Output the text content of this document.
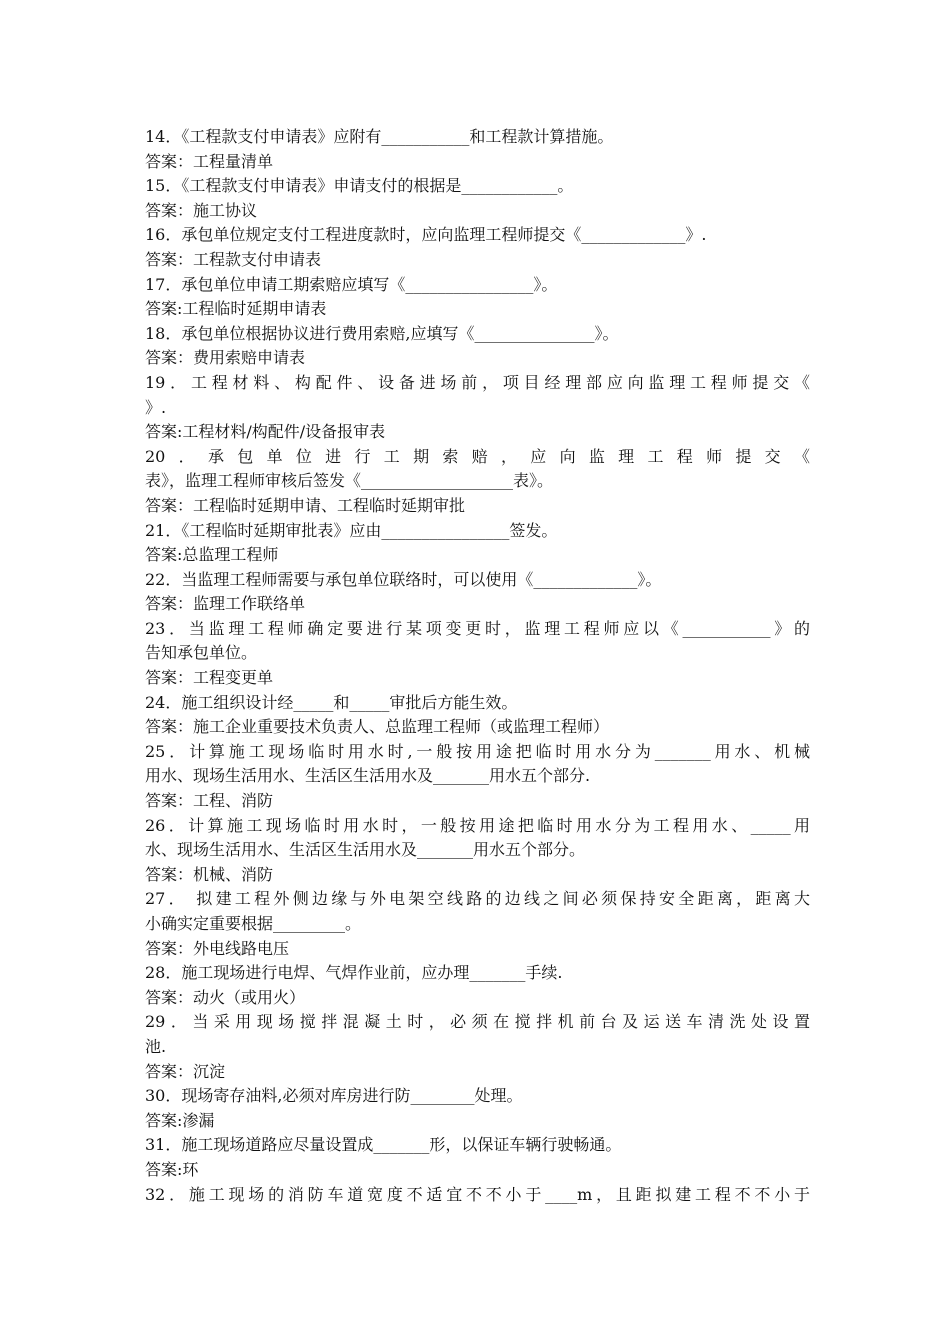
14．《工程款支付申请表》应附有___________和工程款计算措施。
答案：工程量清单
15．《工程款支付申请表》申请支付的根据是____________。
答案：施工协议
16．承包单位规定支付工程进度款时，应向监理工程师提交《_____________》.
答案：工程款支付申请表
17．承包单位申请工期索赔应填写《________________》。
答案:工程临时延期申请表
18．承包单位根据协议进行费用索赔,应填写《_______________》。
答案：费用索赔申请表
19．工程材料、构配件、设备进场前，项目经理部应向监理工程师提交《
》.
答案:工程材料/构配件/设备报审表
20．承包单位进行工期索赔，应向监理工程师提交《
表》，监理工程师审核后签发《___________________表》。
答案：工程临时延期申请、工程临时延期审批
21．《工程临时延期审批表》应由________________签发。
答案:总监理工程师
22．当监理工程师需要与承包单位联络时，可以使用《_____________》。
答案：监理工作联络单
23．当监理工程师确定要进行某项变更时，监理工程师应以《___________》的
告知承包单位。
答案：工程变更单
24．施工组织设计经_____和_____审批后方能生效。
答案：施工企业重要技术负责人、总监理工程师（或监理工程师）
25．计算施工现场临时用水时,一般按用途把临时用水分为_______用水、机械
用水、现场生活用水、生活区生活用水及_______用水五个部分.
答案：工程、消防
26．计算施工现场临时用水时，一般按用途把临时用水分为工程用水、_____用
水、现场生活用水、生活区生活用水及_______用水五个部分。
答案：机械、消防
27． 拟建工程外侧边缘与外电架空线路的边线之间必须保持安全距离，距离大
小确实定重要根据_________。
答案：外电线路电压
28．施工现场进行电焊、气焊作业前，应办理_______手续.
答案：动火（或用火）
29．当采用现场搅拌混凝土时，必须在搅拌机前台及运送车清洗处设置
池.
答案：沉淀
30．现场寄存油料,必须对库房进行防________处理。
答案:渗漏
31．施工现场道路应尽量设置成_______形，以保证车辆行驶畅通。
答案:环
32．施工现场的消防车道宽度不适宜不不小于____m，且距拟建工程不不小于
